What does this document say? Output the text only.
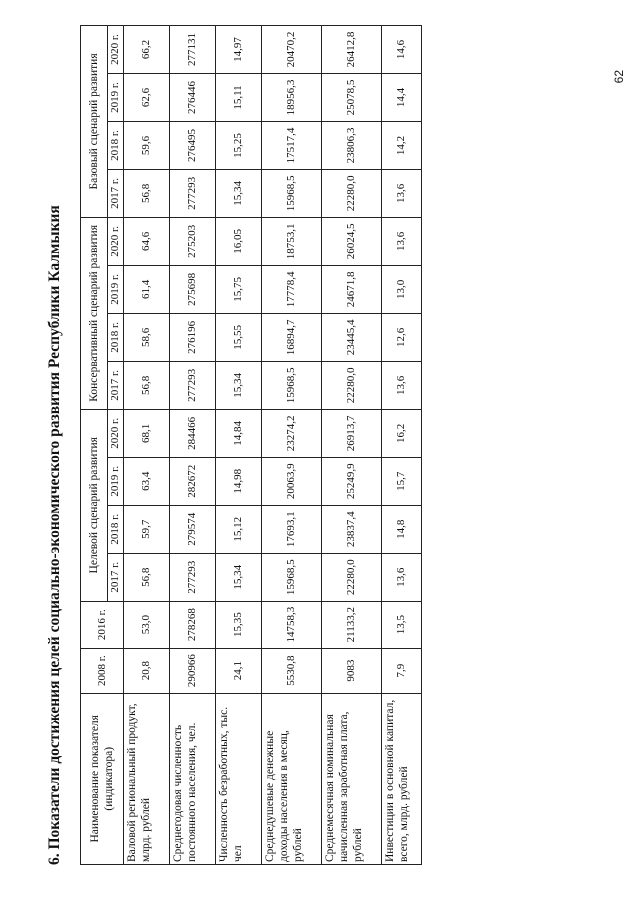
62
6. Показатели достижения целей социально-экономического развития Республики Калмыкия	Наименование показателя (индикатора)	2008 г.	2016 г.	Целевой сценарий развития				Консервативный сценарий развития				Базовый сценарий развития			

			2017 г.	2018 г.	2019 г.	2020 г.	2017 г.	2018 г.	2019 г.	2020 г.	2017 г.	2018 г.	2019 г.	2020 г.
Валовой региональный продукт, млрд. рублей	20,8	53,0	56,8	59,7	63,4	68,1	56,8	58,6	61,4	64,6	56,8	59,6	62,6	66,2
Среднегодовая численность постоянного населения, чел.	290966	278268	277293	279574	282672	284466	277293	276196	275698	275203	277293	276495	276446	277131
Численность безработных, тыс. чел	24,1	15,35	15,34	15,12	14,98	14,84	15,34	15,55	15,75	16,05	15,34	15,25	15,11	14,97
Среднедушевые денежные доходы населения в месяц, рублей	5530,8	14758,3	15968,5	17693,1	20063,9	23274,2	15968,5	16894,7	17778,4	18753,1	15968,5	17517,4	18956,3	20470,2
Среднемесячная номинальная начисленная заработная плата, рублей	9083	21133,2	22280,0	23837,4	25249,9	26913,7	22280,0	23445,4	24671,8	26024,5	22280,0	23806,3	25078,5	26412,8
Инвестиции в основной капитал, всего, млрд. рублей	7,9	13,5	13,6	14,8	15,7	16,2	13,6	12,6	13,0	13,6	13,6	14,2	14,4	14,6
